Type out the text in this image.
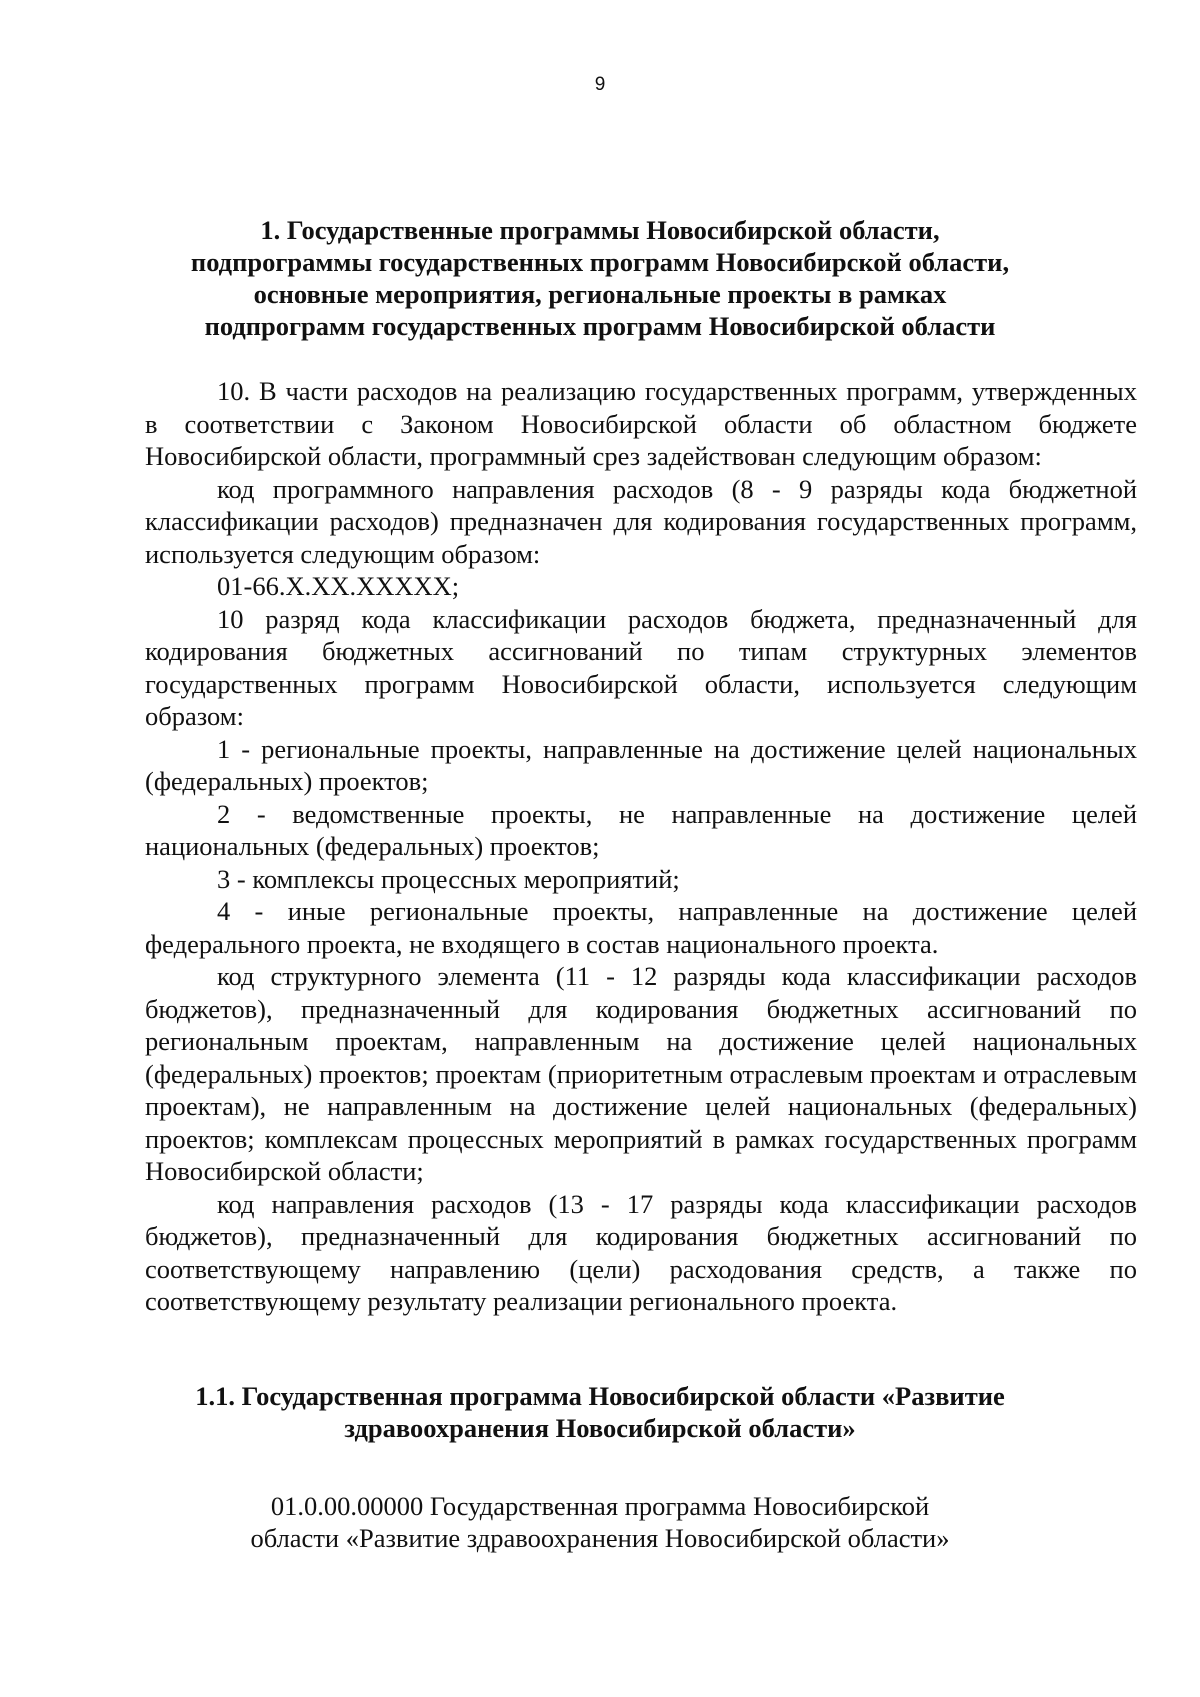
9
1. Государственные программы Новосибирской области,
подпрограммы государственных программ Новосибирской области,
основные мероприятия, региональные проекты в рамках
подпрограмм государственных программ Новосибирской области

10. В части расходов на реализацию государственных программ, утвержденных в соответствии с Законом Новосибирской области об областном бюджете Новосибирской области, программный срез задействован следующим образом:

код программного направления расходов (8 - 9 разряды кода бюджетной классификации расходов) предназначен для кодирования государственных программ, используется следующим образом:

01-66.Х.ХХ.ХХХХХ;

10 разряд кода классификации расходов бюджета, предназначенный для кодирования бюджетных ассигнований по типам структурных элементов государственных программ Новосибирской области, используется следующим образом:

1 - региональные проекты, направленные на достижение целей национальных (федеральных) проектов;

2 - ведомственные проекты, не направленные на достижение целей национальных (федеральных) проектов;

3 - комплексы процессных мероприятий;

4 - иные региональные проекты, направленные на достижение целей федерального проекта, не входящего в состав национального проекта.

код структурного элемента (11 - 12 разряды кода классификации расходов бюджетов), предназначенный для кодирования бюджетных ассигнований по региональным проектам, направленным на достижение целей национальных (федеральных) проектов; проектам (приоритетным отраслевым проектам и отраслевым проектам), не направленным на достижение целей национальных (федеральных) проектов; комплексам процессных мероприятий в рамках государственных программ Новосибирской области;

код направления расходов (13 - 17 разряды кода классификации расходов бюджетов), предназначенный для кодирования бюджетных ассигнований по соответствующему направлению (цели) расходования средств, а также по соответствующему результату реализации регионального проекта.

1.1. Государственная программа Новосибирской области «Развитие
здравоохранения Новосибирской области»
01.0.00.00000 Государственная программа Новосибирской
области «Развитие здравоохранения Новосибирской области»
